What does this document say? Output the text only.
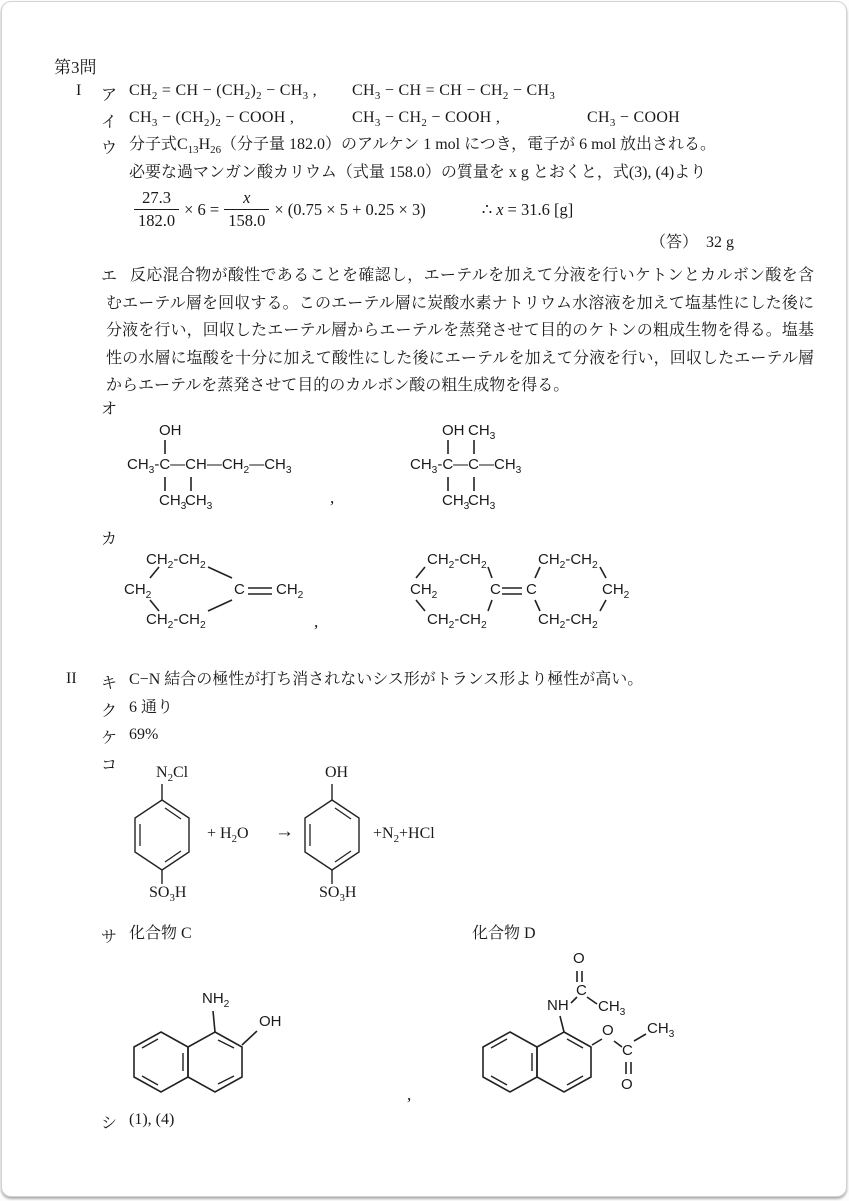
第3問
I ア $CH_2$ = CH − $(CH_2)_2 - CH_3$ , $CH_3$ − CH = CH − $CH_2 - CH_3$
イ $CH_3 - (CH_2)_2$ − COOH ,	$CH_3 - CH_2$ − COOH ,	$CH_3$ − COOH
ウ 分子式$C_{13}H_{26}$（分子量 182.0）のアルケン 1 mol につき，電子が 6 mol 放出される。
必要な過マンガン酸カリウム（式量 158.0）の質量を x g とおくと，式(3), (4)より
$\frac{27.3}{182.0} \times 6 = \frac{x}{158.0} \times (0.75 \times 5 + 0.25 \times 3)$	∴ x = 31.6 [g]
（答）　32 g
エ 反応混合物が酸性であることを確認し，エーテルを加えて分液を行いケトンとカルボン酸を含むエーテル層を回収する。このエーテル層に炭酸水素ナトリウム水溶液を加えて塩基性にした後に分液を行い，回収したエーテル層からエーテルを蒸発させて目的のケトンの粗成生物を得る。塩基性の水層に塩酸を十分に加えて酸性にした後にエーテルを加えて分液を行い，回収したエーテル層からエーテルを蒸発させて目的のカルボン酸の粗生成物を得る。
オ
OH
$CH_3-C—CH—CH_2—CH_3$
$CH_3$
$CH_3$	,
OH $CH_3$
$CH_3-C—C—CH_3$
$CH_3$
$CH_3$
カ
$CH_2-CH_2$
$CH_2$	C $CH_2$
$CH_2-CH_2$	,
$CH_2-CH_2$
$CH_2$
$CH_2-CH_2$
C C
$CH_2-CH_2$
$CH_2$
$CH_2-CH_2$
II キ C−N 結合の極性が打ち消されないシス形がトランス形より極性が高い。
ク 6 通り
ケ 69%
コ $N_2Cl$
$SO_3H$
+ $H_2O$ →
OH
$SO_3H$
$+N_2+HCl$
サ 化合物 C	化合物 D
$NH_2$
OH
,
O
C
NH $CH_3$
O
C
O
$CH_3$
シ (1), (4)
